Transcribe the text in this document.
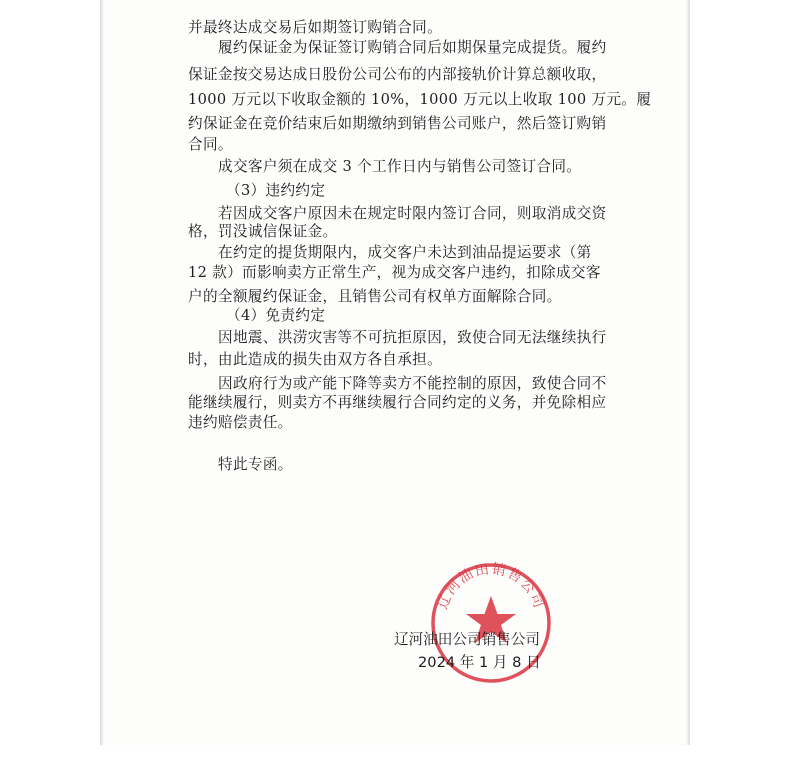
并最终达成交易后如期签订购销合同。
履约保证金为保证签订购销合同后如期保量完成提货。履约
保证金按交易达成日股份公司公布的内部接轨价计算总额收取，
1000 万元以下收取金额的 10%，1000 万元以上收取 100 万元。履
约保证金在竞价结束后如期缴纳到销售公司账户，然后签订购销
合同。
成交客户须在成交 3 个工作日内与销售公司签订合同。
（3）违约约定
若因成交客户原因未在规定时限内签订合同，则取消成交资
格，罚没诚信保证金。
在约定的提货期限内，成交客户未达到油品提运要求（第
12 款）而影响卖方正常生产，视为成交客户违约，扣除成交客
户的全额履约保证金，且销售公司有权单方面解除合同。
（4）免责约定
因地震、洪涝灾害等不可抗拒原因，致使合同无法继续执行
时，由此造成的损失由双方各自承担。
因政府行为或产能下降等卖方不能控制的原因，致使合同不
能继续履行，则卖方不再继续履行合同约定的义务，并免除相应
违约赔偿责任。
特此专函。
辽河油田销售公司
辽河油田公司销售公司
2024 年 1 月 8 日
